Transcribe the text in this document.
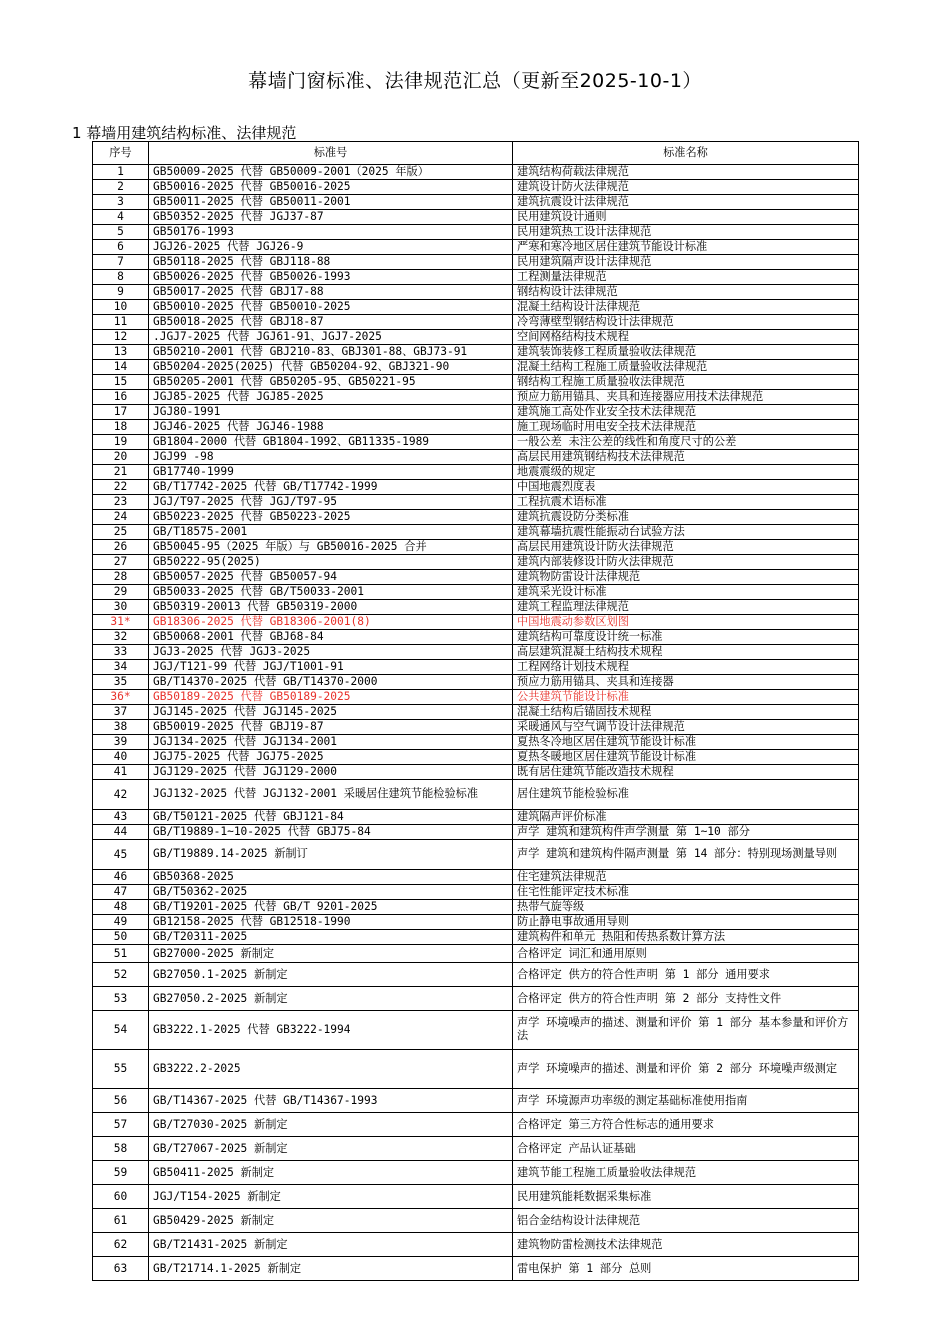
幕墙门窗标准、法律规范汇总（更新至2025-10-1）
1 幕墙用建筑结构标准、法律规范
序号	标准号	标准名称
1	GB50009-2025 代替 GB50009-2001（2025 年版）	建筑结构荷载法律规范
2	GB50016-2025 代替 GB50016-2025	建筑设计防火法律规范
3	GB50011-2025 代替 GB50011-2001	建筑抗震设计法律规范
4	GB50352-2025 代替 JGJ37-87	民用建筑设计通则
5	GB50176-1993	民用建筑热工设计法律规范
6	JGJ26-2025 代替 JGJ26-9	严寒和寒冷地区居住建筑节能设计标准
7	GB50118-2025 代替 GBJ118-88	民用建筑隔声设计法律规范
8	GB50026-2025 代替 GB50026-1993	工程测量法律规范
9	GB50017-2025 代替 GBJ17-88	钢结构设计法律规范
10	GB50010-2025 代替 GB50010-2025	混凝土结构设计法律规范
11	GB50018-2025 代替 GBJ18-87	冷弯薄壁型钢结构设计法律规范
12	.JGJ7-2025 代替 JGJ61-91、JGJ7-2025	空间网格结构技术规程
13	GB50210-2001 代替 GBJ210-83、GBJ301-88、GBJ73-91	建筑装饰装修工程质量验收法律规范
14	GB50204-2025(2025) 代替 GB50204-92、GBJ321-90	混凝土结构工程施工质量验收法律规范
15	GB50205-2001 代替 GB50205-95、GB50221-95	钢结构工程施工质量验收法律规范
16	JGJ85-2025 代替 JGJ85-2025	预应力筋用锚具、夹具和连接器应用技术法律规范
17	JGJ80-1991	建筑施工高处作业安全技术法律规范
18	JGJ46-2025 代替 JGJ46-1988	施工现场临时用电安全技术法律规范
19	GB1804-2000 代替 GB1804-1992、GB11335-1989	一般公差 未注公差的线性和角度尺寸的公差
20	JGJ99 -98	高层民用建筑钢结构技术法律规范
21	GB17740-1999	地震震级的规定
22	GB/T17742-2025 代替 GB/T17742-1999	中国地震烈度表
23	JGJ/T97-2025 代替 JGJ/T97-95	工程抗震术语标准
24	GB50223-2025 代替 GB50223-2025	建筑抗震设防分类标准
25	GB/T18575-2001	建筑幕墙抗震性能振动台试验方法
26	GB50045-95（2025 年版）与 GB50016-2025 合并	高层民用建筑设计防火法律规范
27	GB50222-95(2025)	建筑内部装修设计防火法律规范
28	GB50057-2025 代替 GB50057-94	建筑物防雷设计法律规范
29	GB50033-2025 代替 GB/T50033-2001	建筑采光设计标准
30	GB50319-20013 代替 GB50319-2000	建筑工程监理法律规范
31*	GB18306-2025 代替 GB18306-2001(8)	中国地震动参数区划图
32	GB50068-2001 代替 GBJ68-84	建筑结构可靠度设计统一标准
33	JGJ3-2025 代替 JGJ3-2025	高层建筑混凝土结构技术规程
34	JGJ/T121-99 代替 JGJ/T1001-91	工程网络计划技术规程
35	GB/T14370-2025 代替 GB/T14370-2000	预应力筋用锚具、夹具和连接器
36*	GB50189-2025 代替 GB50189-2025	公共建筑节能设计标准
37	JGJ145-2025 代替 JGJ145-2025	混凝土结构后锚固技术规程
38	GB50019-2025 代替 GBJ19-87	采暖通风与空气调节设计法律规范
39	JGJ134-2025 代替 JGJ134-2001	夏热冬冷地区居住建筑节能设计标准
40	JGJ75-2025 代替 JGJ75-2025	夏热冬暖地区居住建筑节能设计标准
41	JGJ129-2025 代替 JGJ129-2000	既有居住建筑节能改造技术规程
42	JGJ132-2025 代替 JGJ132-2001 采暖居住建筑节能检验标准	居住建筑节能检验标准
43	GB/T50121-2025 代替 GBJ121-84	建筑隔声评价标准
44	GB/T19889-1~10-2025 代替 GBJ75-84	声学 建筑和建筑构件声学测量 第 1~10 部分
45	GB/T19889.14-2025 新制订	声学 建筑和建筑构件隔声测量 第 14 部分：特别现场测量导则
46	GB50368-2025	住宅建筑法律规范
47	GB/T50362-2025	住宅性能评定技术标准
48	GB/T19201-2025 代替 GB/T 9201-2025	热带气旋等级
49	GB12158-2025 代替 GB12518-1990	防止静电事故通用导则
50	GB/T20311-2025	建筑构件和单元 热阻和传热系数计算方法
51	GB27000-2025 新制定	合格评定 词汇和通用原则
52	GB27050.1-2025 新制定	合格评定 供方的符合性声明 第 1 部分 通用要求
53	GB27050.2-2025 新制定	合格评定 供方的符合性声明 第 2 部分 支持性文件
54	GB3222.1-2025 代替 GB3222-1994	声学 环境噪声的描述、测量和评价 第 1 部分 基本参量和评价方法
55	GB3222.2-2025	声学 环境噪声的描述、测量和评价 第 2 部分 环境噪声级测定
56	GB/T14367-2025 代替 GB/T14367-1993	声学 环境源声功率级的测定基础标准使用指南
57	GB/T27030-2025 新制定	合格评定 第三方符合性标志的通用要求
58	GB/T27067-2025 新制定	合格评定 产品认证基础
59	GB50411-2025 新制定	建筑节能工程施工质量验收法律规范
60	JGJ/T154-2025 新制定	民用建筑能耗数据采集标准
61	GB50429-2025 新制定	铝合金结构设计法律规范
62	GB/T21431-2025 新制定	建筑物防雷检测技术法律规范
63	GB/T21714.1-2025 新制定	雷电保护 第 1 部分 总则
